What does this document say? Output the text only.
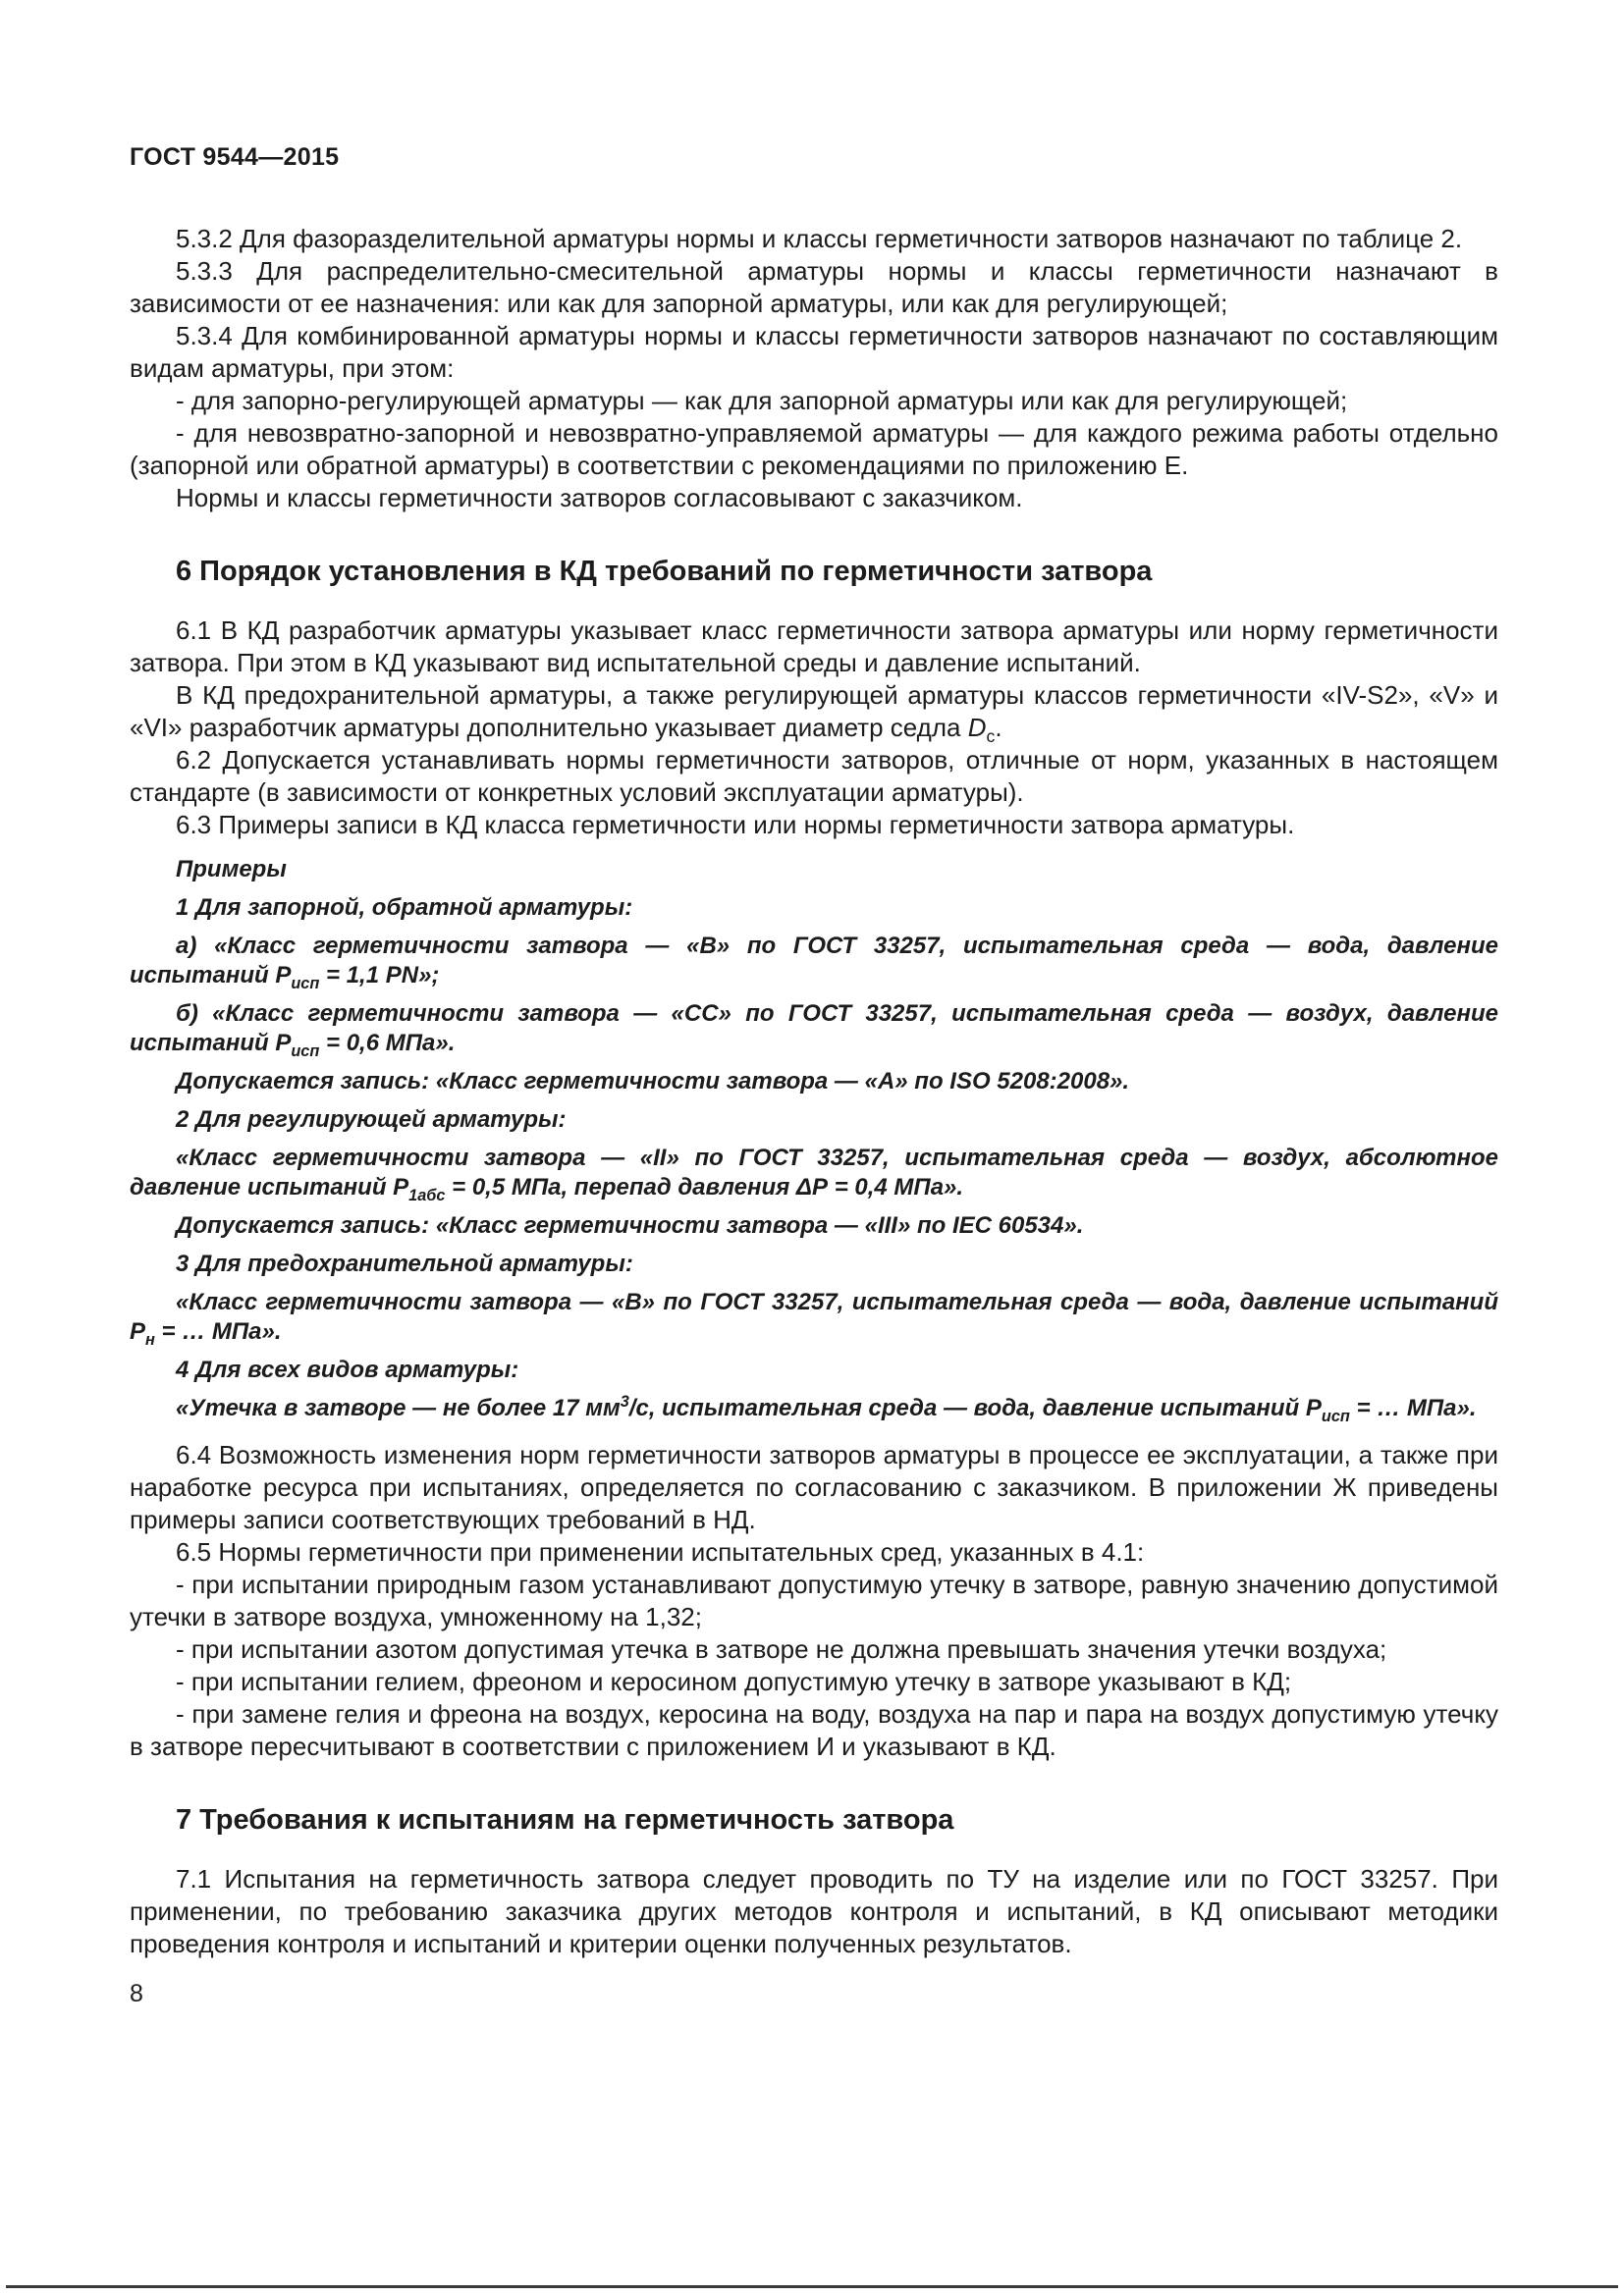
ГОСТ 9544—2015

5.3.2 Для фазоразделительной арматуры нормы и классы герметичности затворов назначают по таблице 2.

5.3.3 Для распределительно-смесительной арматуры нормы и классы герметичности назначают в зависимости от ее назначения: или как для запорной арматуры, или как для регулирующей;

5.3.4 Для комбинированной арматуры нормы и классы герметичности затворов назначают по составляющим видам арматуры, при этом:

- для запорно-регулирующей арматуры — как для запорной арматуры или как для регулирующей;

- для невозвратно-запорной и невозвратно-управляемой арматуры — для каждого режима работы отдельно (запорной или обратной арматуры) в соответствии с рекомендациями по приложению Е.

Нормы и классы герметичности затворов согласовывают с заказчиком.

6 Порядок установления в КД требований по герметичности затвора

6.1 В КД разработчик арматуры указывает класс герметичности затвора арматуры или норму герметичности затвора. При этом в КД указывают вид испытательной среды и давление испытаний.

В КД предохранительной арматуры, а также регулирующей арматуры классов герметичности «IV-S2», «V» и «VI» разработчик арматуры дополнительно указывает диаметр седла $D_с$.

6.2 Допускается устанавливать нормы герметичности затворов, отличные от норм, указанных в настоящем стандарте (в зависимости от конкретных условий эксплуатации арматуры).

6.3 Примеры записи в КД класса герметичности или нормы герметичности затвора арматуры.

Примеры

1 Для запорной, обратной арматуры:

а) «Класс герметичности затвора — «В» по ГОСТ 33257, испытательная среда — вода, давление испытаний $Р_{исп} = 1,1$ PN»;

б) «Класс герметичности затвора — «СС» по ГОСТ 33257, испытательная среда — воздух, давление испытаний $Р_{исп} = 0,6$ МПа».

Допускается запись: «Класс герметичности затвора — «А» по ISO 5208:2008».

2 Для регулирующей арматуры:

«Класс герметичности затвора — «II» по ГОСТ 33257, испытательная среда — воздух, абсолютное давление испытаний $Р_{1абс} = 0,5$ МПа, перепад давления ΔР = 0,4 МПа».

Допускается запись: «Класс герметичности затвора — «III» по IEC 60534».

3 Для предохранительной арматуры:

«Класс герметичности затвора — «В» по ГОСТ 33257, испытательная среда — вода, давление испытаний $Р_н$ = … МПа».

4 Для всех видов арматуры:

«Утечка в затворе — не более 17 $мм^3/с$, испытательная среда — вода, давление испытаний $Р_{исп}$ = … МПа».

6.4 Возможность изменения норм герметичности затворов арматуры в процессе ее эксплуатации, а также при наработке ресурса при испытаниях, определяется по согласованию с заказчиком. В приложении Ж приведены примеры записи соответствующих требований в НД.

6.5 Нормы герметичности при применении испытательных сред, указанных в 4.1:

- при испытании природным газом устанавливают допустимую утечку в затворе, равную значению допустимой утечки в затворе воздуха, умноженному на 1,32;

- при испытании азотом допустимая утечка в затворе не должна превышать значения утечки воздуха;

- при испытании гелием, фреоном и керосином допустимую утечку в затворе указывают в КД;

- при замене гелия и фреона на воздух, керосина на воду, воздуха на пар и пара на воздух допустимую утечку в затворе пересчитывают в соответствии с приложением И и указывают в КД.

7 Требования к испытаниям на герметичность затвора

7.1 Испытания на герметичность затвора следует проводить по ТУ на изделие или по ГОСТ 33257. При применении, по требованию заказчика других методов контроля и испытаний, в КД описывают методики проведения контроля и испытаний и критерии оценки полученных результатов.

8
